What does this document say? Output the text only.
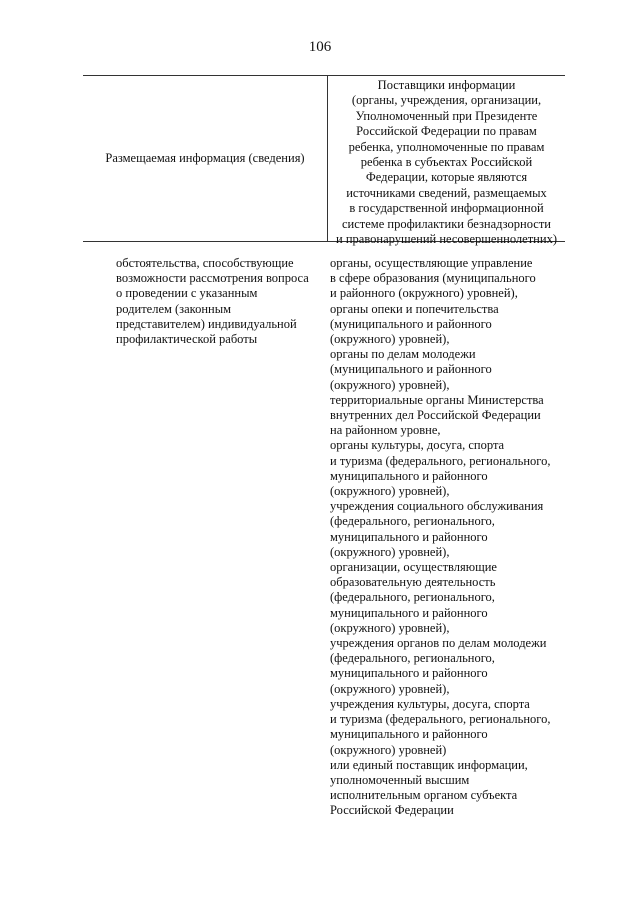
106
Размещаемая информация (сведения)
Поставщики информации
(органы, учреждения, организации,
Уполномоченный при Президенте
Российской Федерации по правам
ребенка, уполномоченные по правам
ребенка в субъектах Российской
Федерации, которые являются
источниками сведений, размещаемых
в государственной информационной
системе профилактики безнадзорности
и правонарушений несовершеннолетних)
обстоятельства, способствующие
возможности рассмотрения вопроса
о проведении с указанным
родителем (законным
представителем) индивидуальной
профилактической работы
органы, осуществляющие управление
в сфере образования (муниципального
и районного (окружного) уровней),
органы опеки и попечительства
(муниципального и районного
(окружного) уровней),
органы по делам молодежи
(муниципального и районного
(окружного) уровней),
территориальные органы Министерства
внутренних дел Российской Федерации
на районном уровне,
органы культуры, досуга, спорта
и туризма (федерального, регионального,
муниципального и районного
(окружного) уровней),
учреждения социального обслуживания
(федерального, регионального,
муниципального и районного
(окружного) уровней),
организации, осуществляющие
образовательную деятельность
(федерального, регионального,
муниципального и районного
(окружного) уровней),
учреждения органов по делам молодежи
(федерального, регионального,
муниципального и районного
(окружного) уровней),
учреждения культуры, досуга, спорта
и туризма (федерального, регионального,
муниципального и районного
(окружного) уровней)
или единый поставщик информации,
уполномоченный высшим
исполнительным органом субъекта
Российской Федерации
